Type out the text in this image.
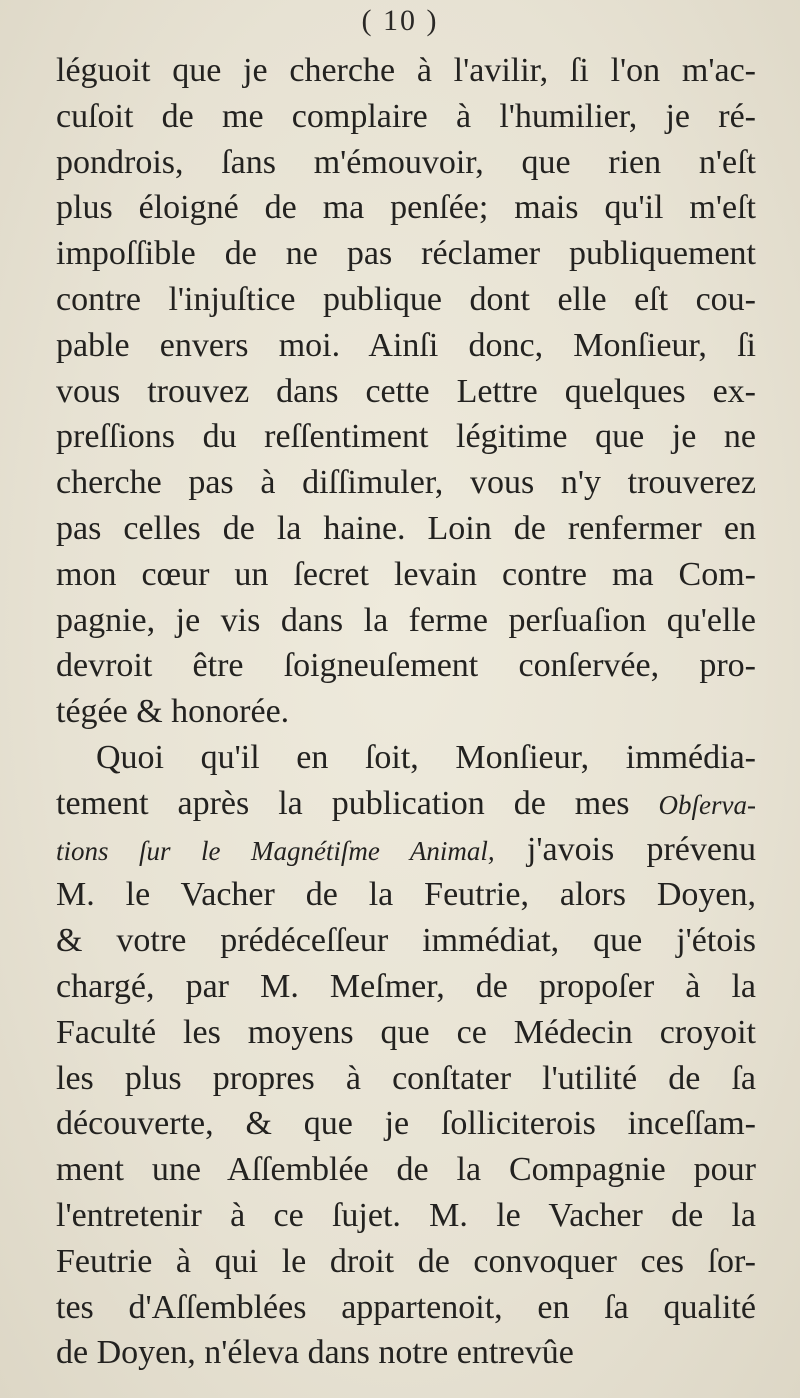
( 10 )
léguoit que je cherche à l'avilir, ſi l'on m'ac-
cuſoit de me complaire à l'humilier, je ré-
pondrois, ſans m'émouvoir, que rien n'eſt
plus éloigné de ma penſée; mais qu'il m'eſt
impoſſible de ne pas réclamer publiquement
contre l'injuſtice publique dont elle eſt cou-
pable envers moi. Ainſi donc, Monſieur, ſi
vous trouvez dans cette Lettre quelques ex-
preſſions du reſſentiment légitime que je ne
cherche pas à diſſimuler, vous n'y trouverez
pas celles de la haine. Loin de renfermer en
mon cœur un ſecret levain contre ma Com-
pagnie, je vis dans la ferme perſuaſion qu'elle
devroit être ſoigneuſement conſervée, pro-
tégée & honorée.
Quoi qu'il en ſoit, Monſieur, immédia-
tement après la publication de mes Obſerva-
tions ſur le Magnétiſme Animal, j'avois prévenu
M. le Vacher de la Feutrie, alors Doyen,
& votre prédéceſſeur immédiat, que j'étois
chargé, par M. Meſmer, de propoſer à la
Faculté les moyens que ce Médecin croyoit
les plus propres à conſtater l'utilité de ſa
découverte, & que je ſolliciterois inceſſam-
ment une Aſſemblée de la Compagnie pour
l'entretenir à ce ſujet. M. le Vacher de la
Feutrie à qui le droit de convoquer ces ſor-
tes d'Aſſemblées appartenoit, en ſa qualité
de Doyen, n'éleva dans notre entrevûe
